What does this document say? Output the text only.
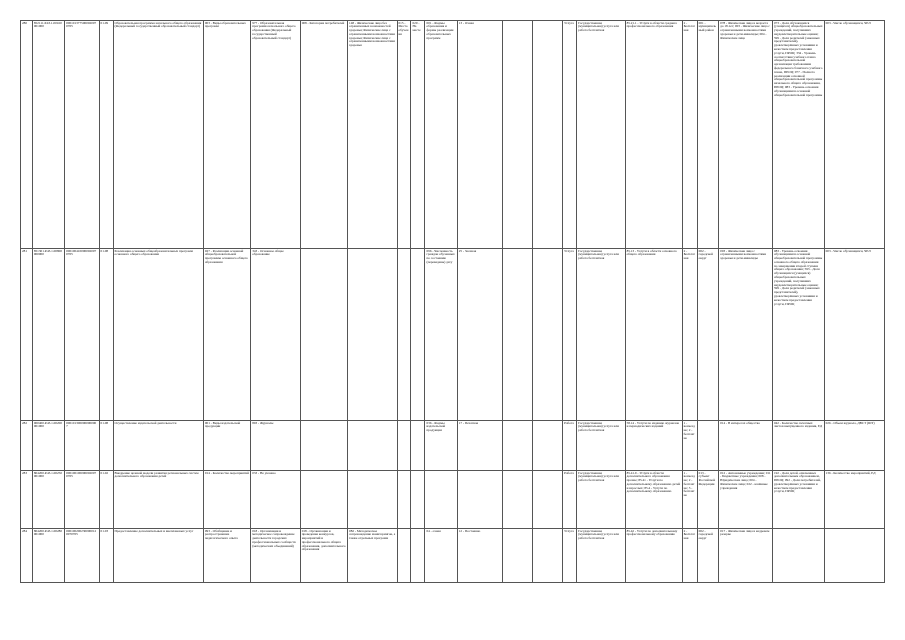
280	852111.Р.43.1.00160001000	0001013775000020070705	01.09	Образовательная программа начального общего образования (Федеральный государственный образовательный стандарт)	003 - Виды образовательных программ	977 - Образовательная программа начального общего образования (Федеральный государственный образовательный стандарт)	008 - Категория потребителей	148 - Физические лица без ограниченных возможностей здоровья; Физические лица с ограниченными возможностями здоровья; Физические лица с ограниченными возможностями здоровья	015 - Место обучения	020 - На месте	001 - Формы образования и формы реализации образовательных программ	13 - Очная			Услуга	Государственная (муниципальная) услуга или работа бесплатная	85.21.1 - Услуги в области среднего профессионального образования	2 - Бесплатная	001 - муниципальный район	078 - Физические лица в возрасте до 18 лет; 003 - Физические лица с ограниченными возможностями здоровья и дети-инвалиды; 004 - Физические лица	073 - Доля обучающихся (учащихся) общеобразовательных учреждений, получивших неудовлетворительные оценки; 599 - Доля родителей (законных представителей), удовлетворённых условиями и качеством предоставления услуги, ПРОЦ; 334 - Уровень соответствия учебного плана общеобразовательной организации требованиям федерального базисного учебного плана, ПРОЦ; 077 - Полнота реализации основной общеобразовательной программы начального общего образования, ПРОЦ; 083 - Уровень освоения обучающимися основной общеобразовательной программы	003 - Число обучающихся, ЧЕЛ
281	851301.Р.43.1.00800000000	0001004100000020070705	01.08	Реализация основных общеобразовательных программ основного общего образования	027 - Реализация основной общеобразовательной программы основного общего образования	343 - Основное общее образование					096 - Численность граждан обученных по состоянию (переведены) дату	25 - Заочная			Услуга	Государственная (муниципальная) услуга или работа бесплатная	85.13 - Услуги в области основного общего образования	2 - Бесплатная	002 - городской округ	003 - Физические лица с ограниченными возможностями здоровья и дети-инвалиды	083 - Уровень освоения обучающимися основной общеобразовательной программы основного общего образования по завершении второй ступени общего образования; 593 - Доля обучающихся (учащихся) общеобразовательных учреждений, получивших неудовлетворительные оценки; 599 - Доля родителей (законных представителей), удовлетворённых условиями и качеством предоставления услуги, ПРОЦ	003 - Число обучающихся, ЧЕЛ
282	900400.Р.43.1.00200001000	0001013000000000007	01.08	Осуществление издательской деятельности	001 - Виды издательской продукции	893 - Журналы					036 - Формы издательской продукции	17 - Печатная			Работа	Государственная (муниципальная) услуга или работа бесплатная	58.14 - Услуги по изданию журналов и периодических изданий	1 - возмездно; 2 - бесплатно		014 - В интересах общества	042 - Количество печатных листов выпущенного издания, ЕД	026 - Объем журнала, ДВСТ (ШТ)
283	804200.Р.43.1.00250001000	0001001000000020070705	01.02	Внедрение целевой модели развития региональных систем дополнительного образования детей	014 - Количество мероприятий	033 - Не указано									Работа	Государственная (муниципальная) услуга или работа бесплатная	85.41.9 - Услуги в области дополнительного образования прочие; 85.41 - Услуги по дополнительному образованию детей и взрослых; 85.4 - Услуги по дополнительному образованию	1 - возмездно; 2 - бесплатно; 3 - бесплатно	013 - субъект Российской Федерации	012 - Автономные учреждения; 011 - Бюджетные учреждения; 008 - Юридические лица; 004 - Физические лица; 022 - казённые учреждения	192 - Доля детей, охваченных дополнительным образованием, ПРОЦ; 092 - Доля потребителей, удовлетворённых условиями и качеством предоставления услуги, ПРОЦ	136 - Количество мероприятий, ЕД
284	804200.Р.43.1.00280001000	0001002002300000120070705	01.03	Предоставление дополнительных и внеплановых услуг	093 - Обобщение и распространение педагогического опыта	018 - Организация и методическое сопровождение деятельности городских профессиональных сообществ (методических объединений)	018 - Организация и проведение конкурсов, мероприятий и профессионального общего образования, дополнительного образования	082 - Методическое сопровождение мониторингов, а также отдельных программ			04 - очная	12 - Постоянно			Услуга	Государственная (муниципальная) услуга или работа бесплатная	85.42 - Услуги по дополнительному профессиональному образованию	2 - Бесплатная	002 - городской округ	017 - Физические лица в кадровом резерве		
